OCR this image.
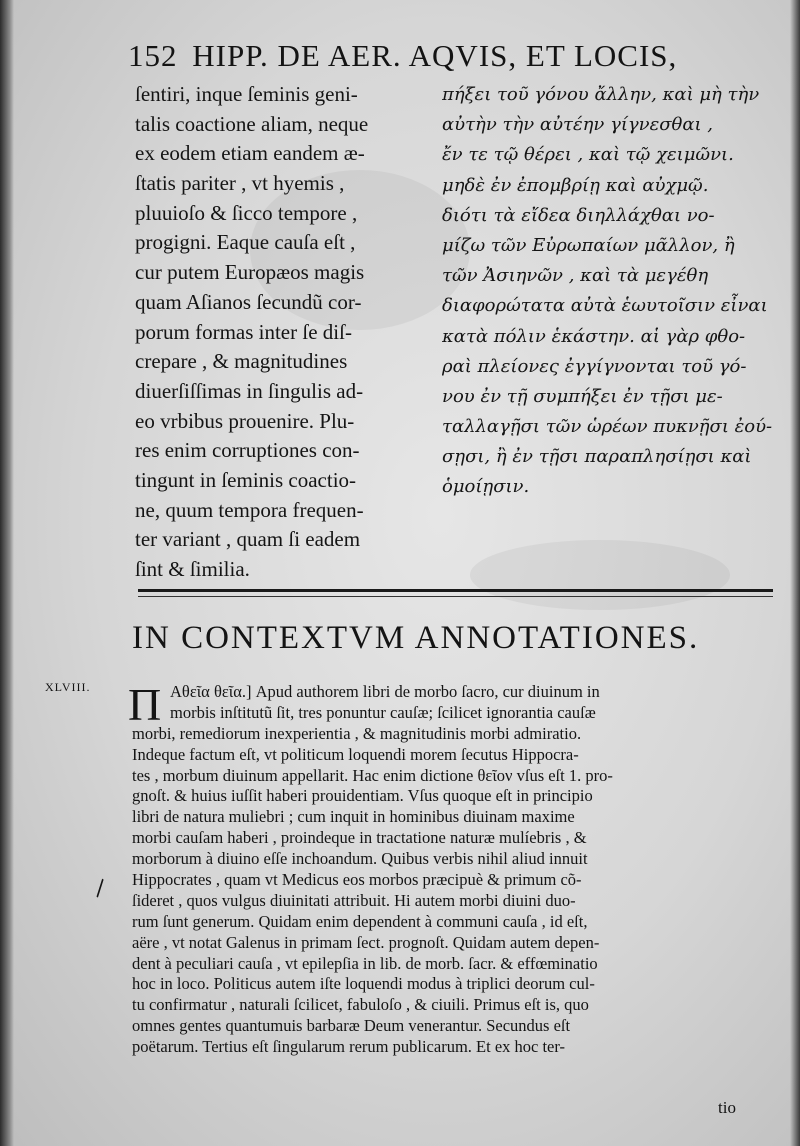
152 HIPP. DE AER. AQVIS, ET LOCIS,
ſentiri, inque ſeminis geni-
talis coactione aliam, neque
ex eodem etiam eandem æ-
ſtatis pariter , vt hyemis ,
pluuioſo & ſicco tempore ,
progigni. Eaque cauſa eſt ,
cur putem Europæos magis
quam Aſianos ſecundũ cor-
porum formas inter ſe diſ-
crepare , & magnitudines
diuerſiſſimas in ſingulis ad-
eo vrbibus prouenire. Plu-
res enim corruptiones con-
tingunt in ſeminis coactio-
ne, quum tempora frequen-
ter variant , quam ſi eadem
ſint & ſimilia.
πήξει τοῦ γόνου ἄλλην, καὶ μὴ τὴν
αὐτὴν τὴν αὐτέην γίγνεσθαι ,
ἔν τε τῷ θέρει , καὶ τῷ χειμῶνι.
μηδὲ ἐν ἐπομβρίῃ καὶ αὐχμῷ.
διότι τὰ εἴδεα διηλλάχθαι νο-
μίζω τῶν Εὐρωπαίων μᾶλλον, ἢ
τῶν Ἀσιηνῶν , καὶ τὰ μεγέθη
διαφορώτατα αὐτὰ ἑωυτοῖσιν εἶναι
κατὰ πόλιν ἑκάστην. αἱ γὰρ φθο-
ραὶ πλείονες ἐγγίγνονται τοῦ γό-
νου ἐν τῇ συμπήξει ἐν τῇσι με-
ταλλαγῇσι τῶν ὡρέων πυκνῇσι ἐού-
σῃσι, ἢ ἐν τῇσι παραπλησίῃσι καὶ
ὁμοίῃσιν.
IN CONTEXTVM ANNOTATIONES.
XLVIII. Π Αθεῖα θεῖα.] Apud authorem libri de morbo ſacro, cur diuinum in
morbis inſtitutũ ſit, tres ponuntur cauſæ; ſcilicet ignorantia cauſæ
morbi, remediorum inexperientia , & magnitudinis morbi admiratio.
Indeque factum eſt, vt politicum loquendi morem ſecutus Hippocra-
tes , morbum diuinum appellarit. Hac enim dictione θεῖον vſus eſt 1. pro-
gnoſt. & huius iuſſit haberi prouidentiam. Vſus quoque eſt in principio
libri de natura muliebri ; cum inquit in hominibus diuinam maxime
morbi cauſam haberi , proindeque in tractatione naturæ mulíebris , &
morborum à diuino eſſe inchoandum. Quibus verbis nihil aliud innuit
Hippocrates , quam vt Medicus eos morbos præcipuè & primum cõ-
ſideret , quos vulgus diuinitati attribuit. Hi autem morbi diuini duo-
rum ſunt generum. Quidam enim dependent à communi cauſa , id eſt,
aëre , vt notat Galenus in primam ſect. prognoſt. Quidam autem depen-
dent à peculiari cauſa , vt epilepſia in lib. de morb. ſacr. & effœminatio
hoc in loco. Politicus autem iſte loquendi modus à triplici deorum cul-
tu confirmatur , naturali ſcilicet, fabuloſo , & ciuili. Primus eſt is, quo
omnes gentes quantumuis barbaræ Deum venerantur. Secundus eſt
poëtarum. Tertius eſt ſingularum rerum publicarum. Et ex hoc ter-
\
tio
